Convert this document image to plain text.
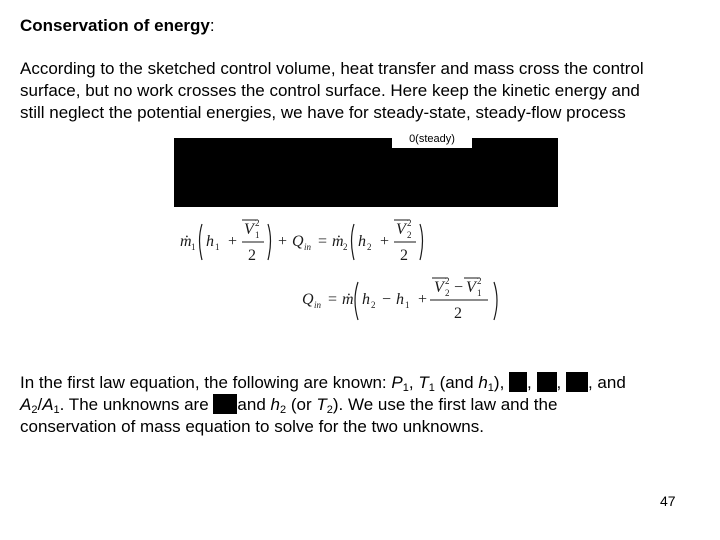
Conservation of energy:
According to the sketched control volume, heat transfer and mass cross the control
surface, but no work crosses the control surface. Here keep the kinetic energy and
still neglect the potential energies, we have for steady-state, steady-flow process
0(steady)
ṁ 1 h 1 +
V 2
1
2
+ Q in = ṁ 2 h 2 +
V 2
2
2
Q in = ṁ h 2 − h 1 +
V 2
2 − V 2
1
2
In the first law equation, the following are known: $P_1$, $T_1$ (and $h_1$), , , , and
$A_2/A_1$. The unknowns are and $h_2$ (or $T_2$). We use the first law and the
conservation of mass equation to solve for the two unknowns.
47
